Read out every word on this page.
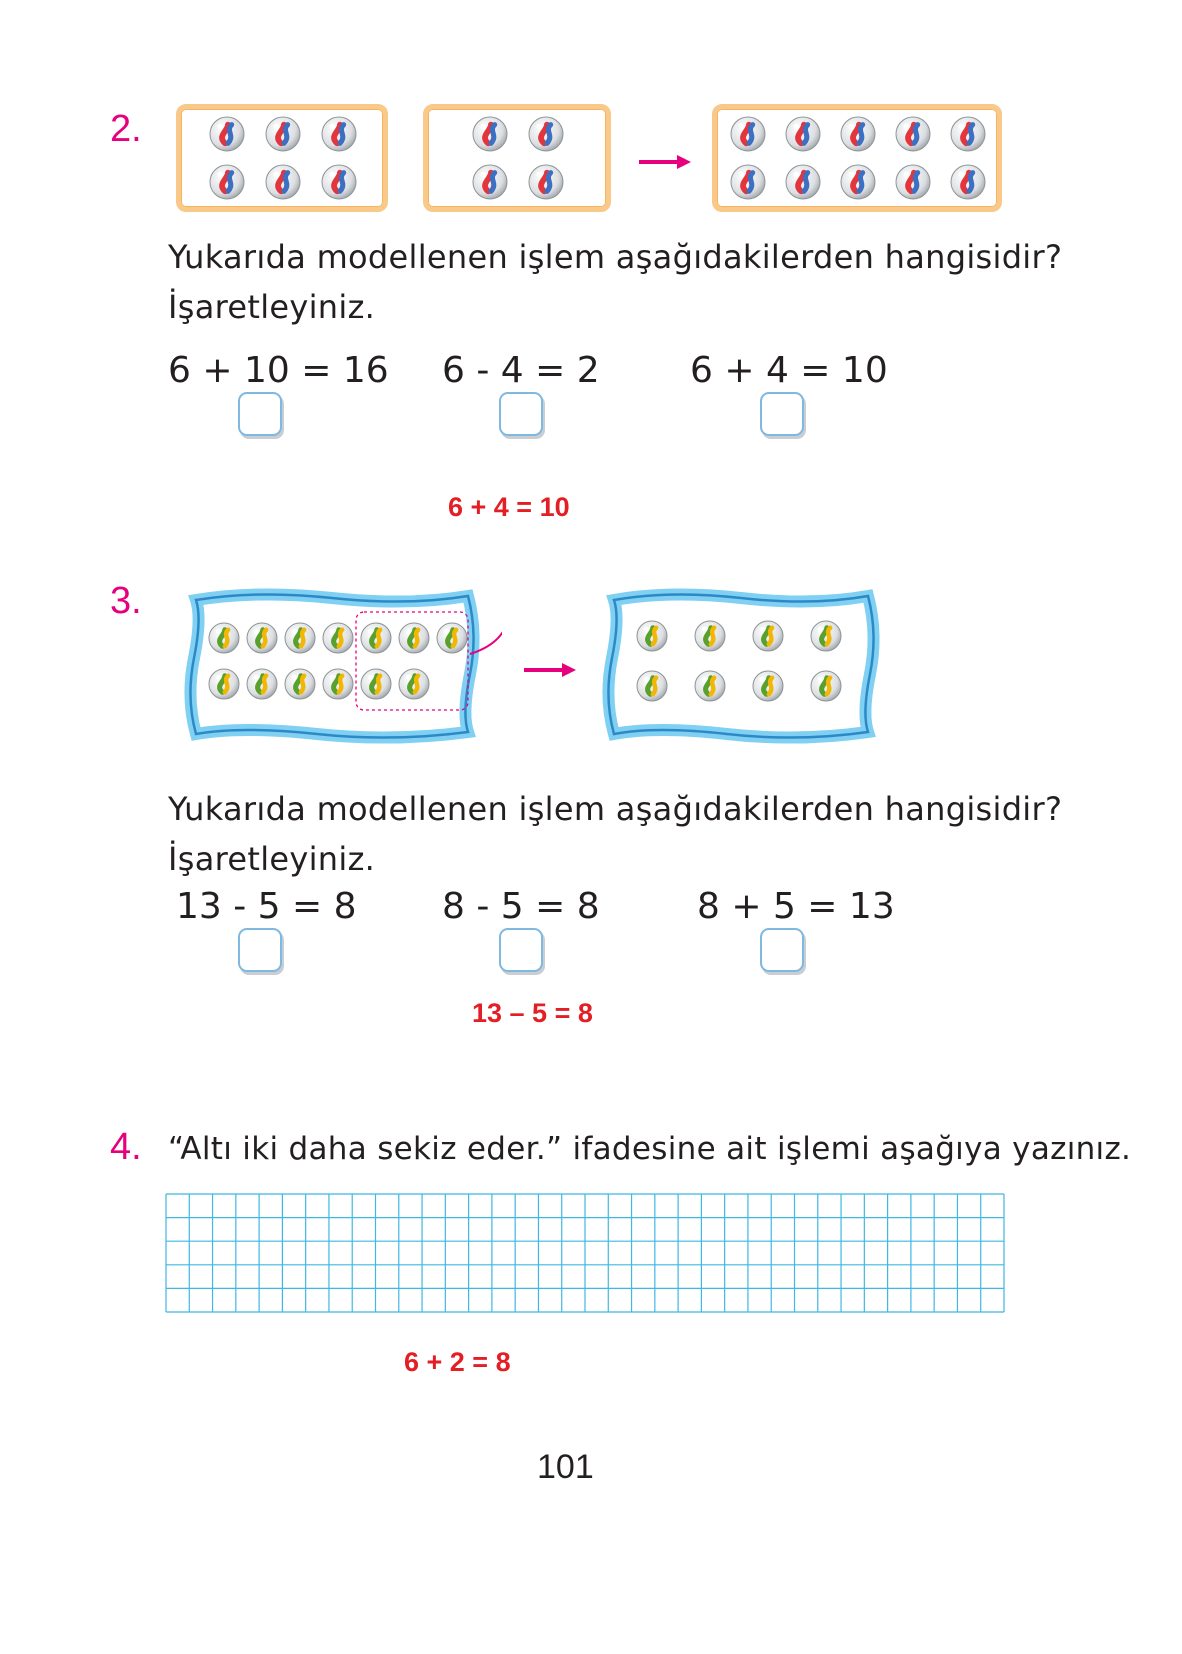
2.
Yukarıda modellenen işlem aşağıdakilerden hangisidir?
İşaretleyiniz.
6 + 10 = 16 6 - 4 = 2	6 + 4 = 10
6 + 4 = 10
3.
Yukarıda modellenen işlem aşağıdakilerden hangisidir?
İşaretleyiniz.
13 - 5 = 8 8 - 5 = 8	8 + 5 = 13
13 – 5 = 8
4. “Altı iki daha sekiz eder.” ifadesine ait işlemi aşağıya yazınız.
6 + 2 = 8
101
